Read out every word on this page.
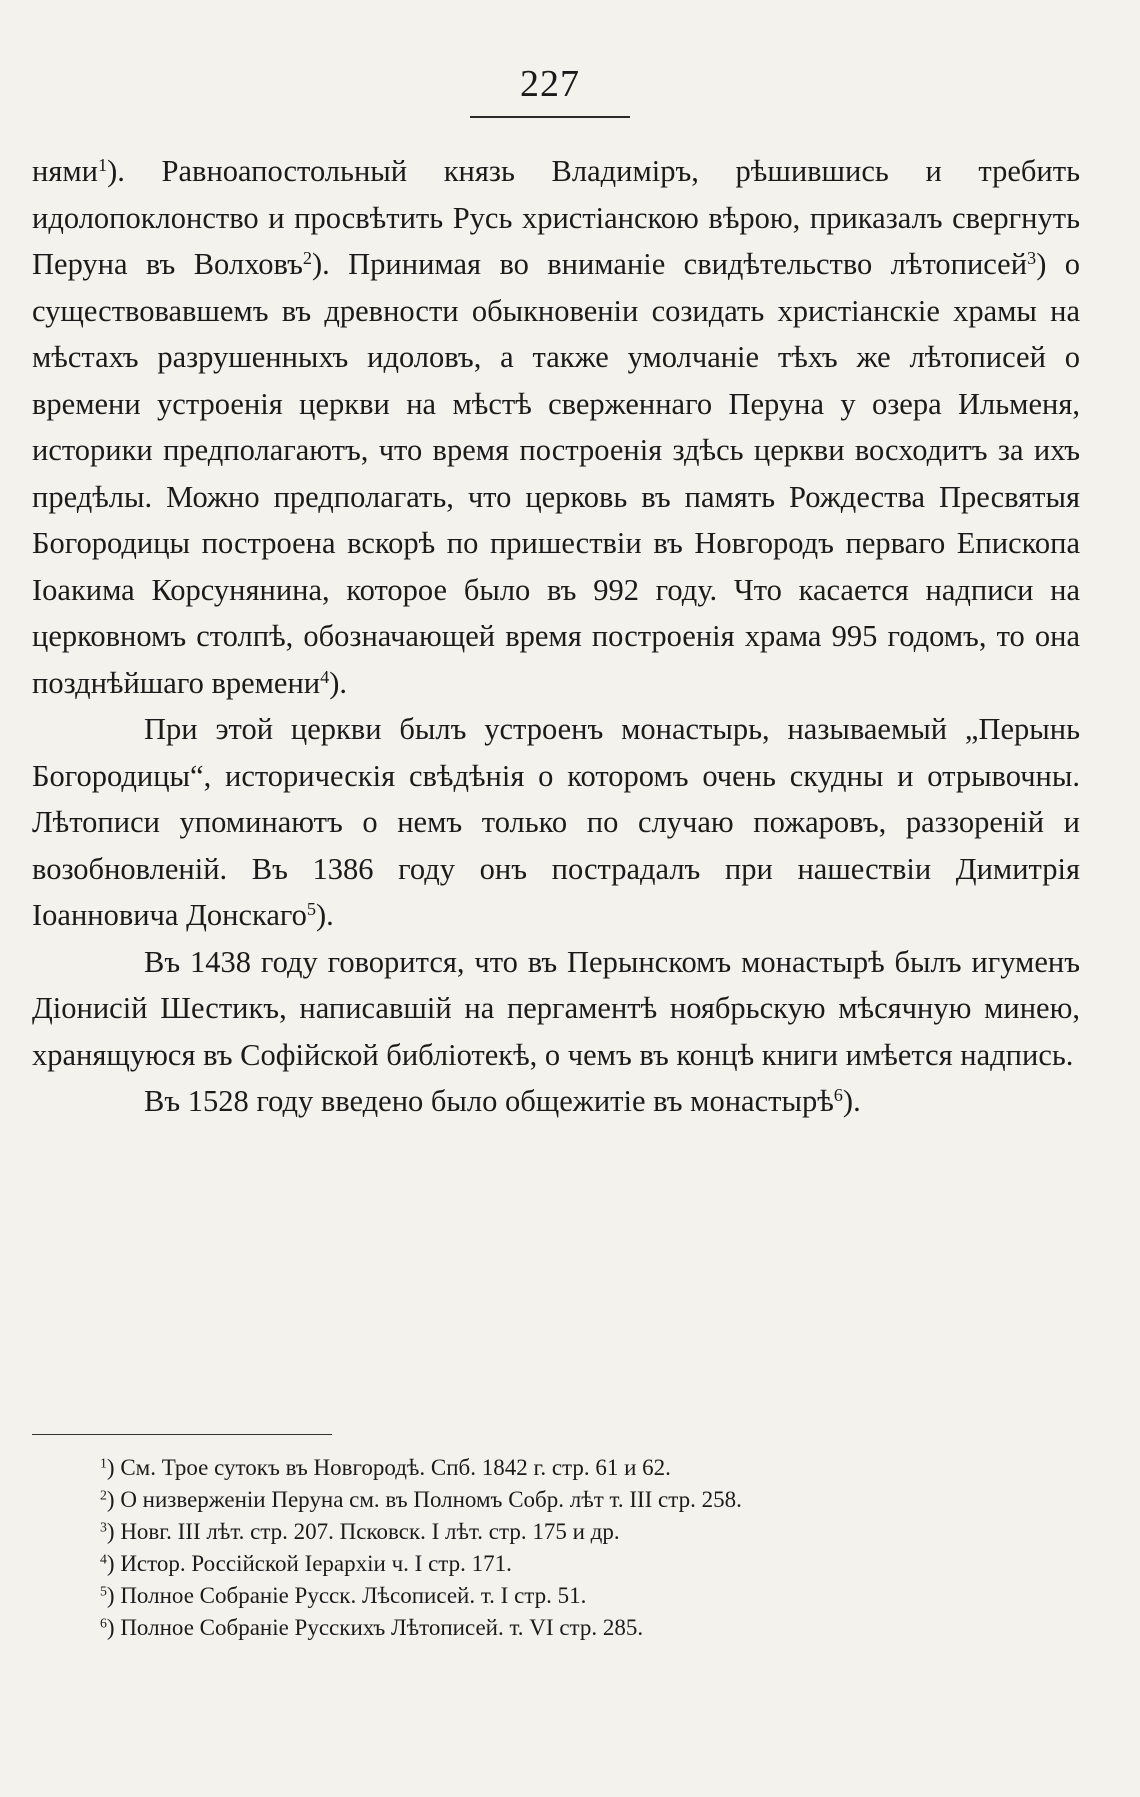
227

нями$^1$). Равноапостольный князь Владиміръ, рѣшившись и требить идолопоклонство и просвѣтить Русь христіанскою вѣрою, приказалъ свергнуть Перуна въ Волховъ$^2$). Принимая во вниманіе свидѣтельство лѣтописей$^3$) о существовавшемъ въ древности обыкновеніи созидать христіанскіе храмы на мѣстахъ разрушенныхъ идоловъ, а также умолчаніе тѣхъ же лѣтописей о времени устроенія церкви на мѣстѣ сверженнаго Перуна у озера Ильменя, историки предполагаютъ, что время построенія здѣсь церкви восходитъ за ихъ предѣлы. Можно предполагать, что церковь въ память Рождества Пресвятыя Богородицы построена вскорѣ по пришествіи въ Новгородъ перваго Епископа Іоакима Корсунянина, которое было въ 992 году. Что касается надписи на церковномъ столпѣ, обозначающей время построенія храма 995 годомъ, то она позднѣйшаго времени$^4$).

При этой церкви былъ устроенъ монастырь, называемый „Перынь Богородицы“, историческія свѣдѣнія о которомъ очень скудны и отрывочны. Лѣтописи упоминаютъ о немъ только по случаю пожаровъ, раззореній и возобновленій. Въ 1386 году онъ пострадалъ при нашествіи Димитрія Іоанновича Донскаго$^5$).

Въ 1438 году говорится, что въ Перынскомъ монастырѣ былъ игуменъ Діонисій Шестикъ, написавшій на пергаментѣ ноябрьскую мѣсячную минею, хранящуюся въ Софійской библіотекѣ, о чемъ въ концѣ книги имѣется надпись.

Въ 1528 году введено было общежитіе въ монастырѣ$^6$).

$^1$) См. Трое сутокъ въ Новгородѣ. Спб. 1842 г. стр. 61 и 62.
$^2$) О низверженіи Перуна см. въ Полномъ Собр. лѣт т. III стр. 258.
$^3$) Новг. III лѣт. стр. 207. Псковск. I лѣт. стр. 175 и др.
$^4$) Истор. Россійской Іерархіи ч. I стр. 171.
$^5$) Полное Собраніе Русск. Лѣсописей. т. I стр. 51.
$^6$) Полное Собраніе Русскихъ Лѣтописей. т. VI стр. 285.
